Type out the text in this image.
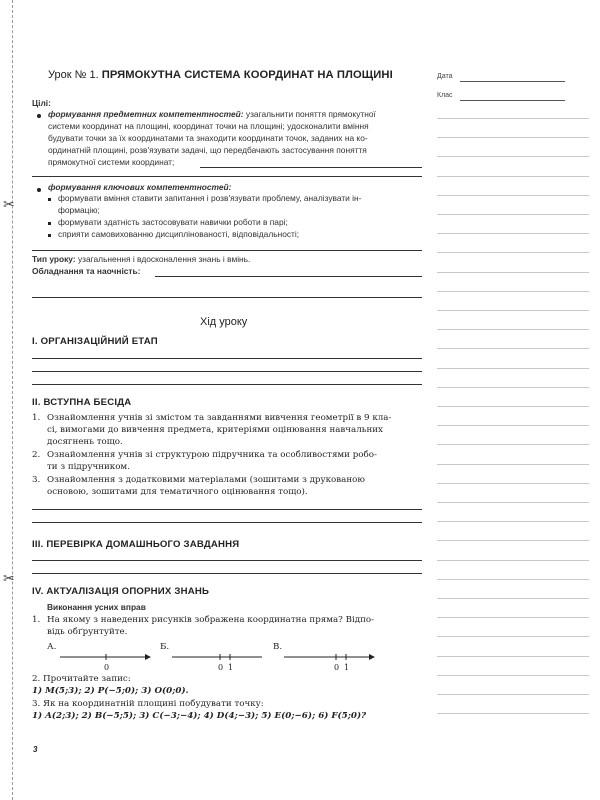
✂
✂
Урок № 1. ПРЯМОКУТНА СИСТЕМА КООРДИНАТ НА ПЛОЩИНІ	Дата
Клас
Цілі:
формування предметних компетентностей: узагальнити поняття прямокутної
системи координат на площині, координат точки на площині; удосконалити вміння
будувати точки за їх координатами та знаходити координати точок, заданих на ко-
ординатній площині, розв'язувати задачі, що передбачають застосування поняття
прямокутної системи координат;
формування ключових компетентностей:
формувати вміння ставити запитання і розв'язувати проблему, аналізувати ін-
формацію;
формувати здатність застосовувати навички роботи в парі;
сприяти самовихованню дисциплінованості, відповідальності;
Тип уроку: узагальнення і вдосконалення знань і вмінь.
Обладнання та наочність:
Хід уроку
І. ОРГАНІЗАЦІЙНИЙ ЕТАП
ІІ. ВСТУПНА БЕСІДА
1. Ознайомлення учнів зі змістом та завданнями вивчення геометрії в 9 кла-
сі, вимогами до вивчення предмета, критеріями оцінювання навчальних
досягнень тощо.
2. Ознайомлення учнів зі структурою підручника та особливостями робо-
ти з підручником.
3. Ознайомлення з додатковими матеріалами (зошитами з друкованою
основою, зошитами для тематичного оцінювання тощо).
ІІІ. ПЕРЕВІРКА ДОМАШНЬОГО ЗАВДАННЯ
IV. АКТУАЛІЗАЦІЯ ОПОРНИХ ЗНАНЬ
Виконання усних вправ
1. На якому з наведених рисунків зображена координатна пряма? Відпо-
відь обґрунтуйте.
А.	Б.	В.
0	0 1	0 1
2. Прочитайте запис:
1) M(5;3); 2) P(−5;0); 3) O(0;0).
3. Як на координатній площині побудувати точку:
1) A(2;3); 2) B(−5;5); 3) C(−3;−4); 4) D(4;−3); 5) E(0;−6); 6) F(5;0)?
3
